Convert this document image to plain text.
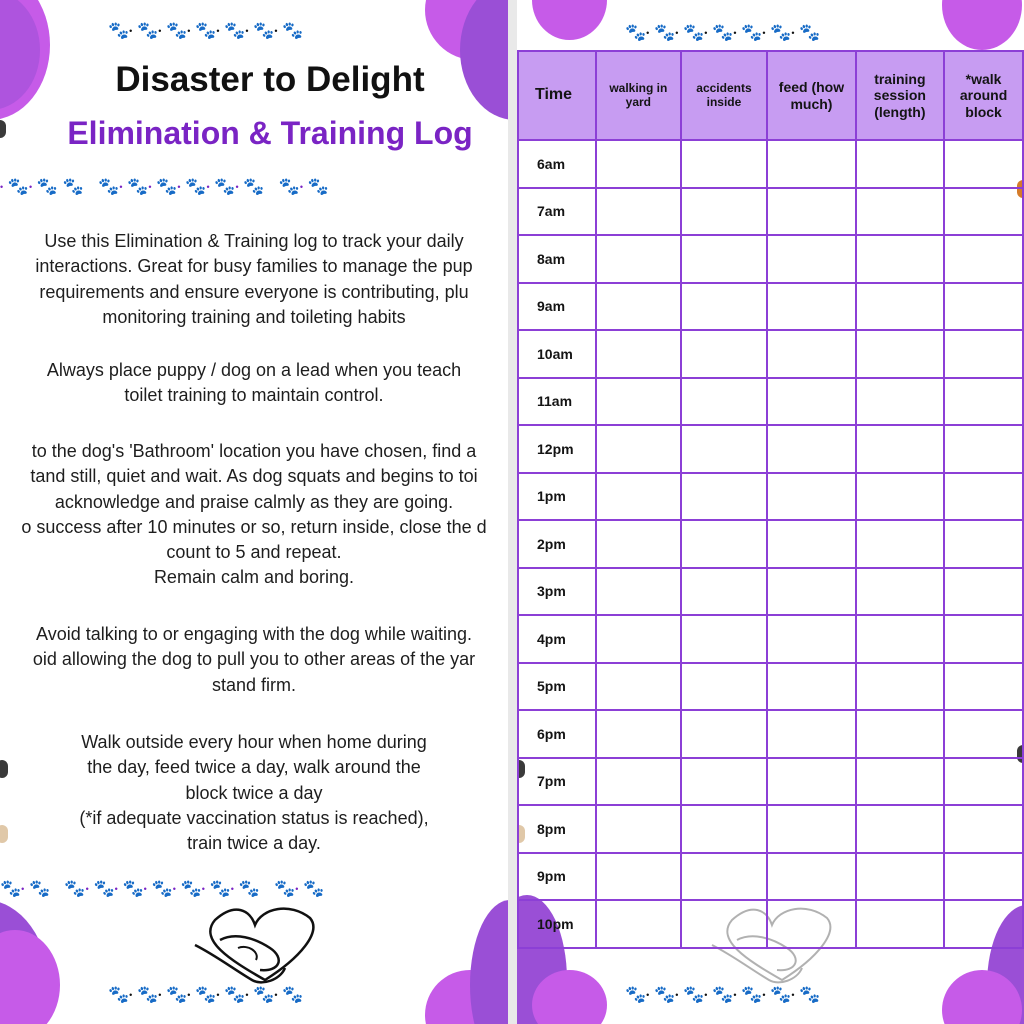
🐾• 🐾• 🐾• 🐾• 🐾• 🐾• 🐾
Disaster to Delight
Elimination & Training Log
• 🐾• 🐾 🐾   🐾• 🐾• 🐾• 🐾• 🐾• 🐾   🐾• 🐾
Use this Elimination & Training log to track your daily
interactions. Great for busy families to manage the pup
requirements and ensure everyone is contributing, plu
monitoring training and toileting habits
Always place puppy / dog on a lead when you teach
toilet training to maintain control.
to the dog's 'Bathroom' location you have chosen, find a
tand still, quiet and wait. As dog squats and begins to toi
acknowledge and praise calmly as they are going.
o success after 10 minutes or so, return inside, close the d
count to 5 and repeat.
Remain calm and boring.
Avoid talking to or engaging with the dog while waiting.
oid allowing the dog to pull you to other areas of the yar
stand firm.
Walk outside every hour when home during
the day, feed twice a day, walk around the
block twice a day
(*if adequate vaccination status is reached),
train twice a day.
🐾• 🐾   🐾• 🐾• 🐾• 🐾• 🐾• 🐾• 🐾   🐾• 🐾
🐾• 🐾• 🐾• 🐾• 🐾• 🐾• 🐾
🐾• 🐾• 🐾• 🐾• 🐾• 🐾• 🐾
🐾• 🐾• 🐾• 🐾• 🐾• 🐾• 🐾
Time	walking in yard	accidents inside	feed (how much)	training session (length)	*walk around block
6am					
7am					
8am					
9am					
10am					
11am					
12pm					
1pm					
2pm					
3pm					
4pm					
5pm					
6pm					
7pm					
8pm					
9pm					
10pm					
